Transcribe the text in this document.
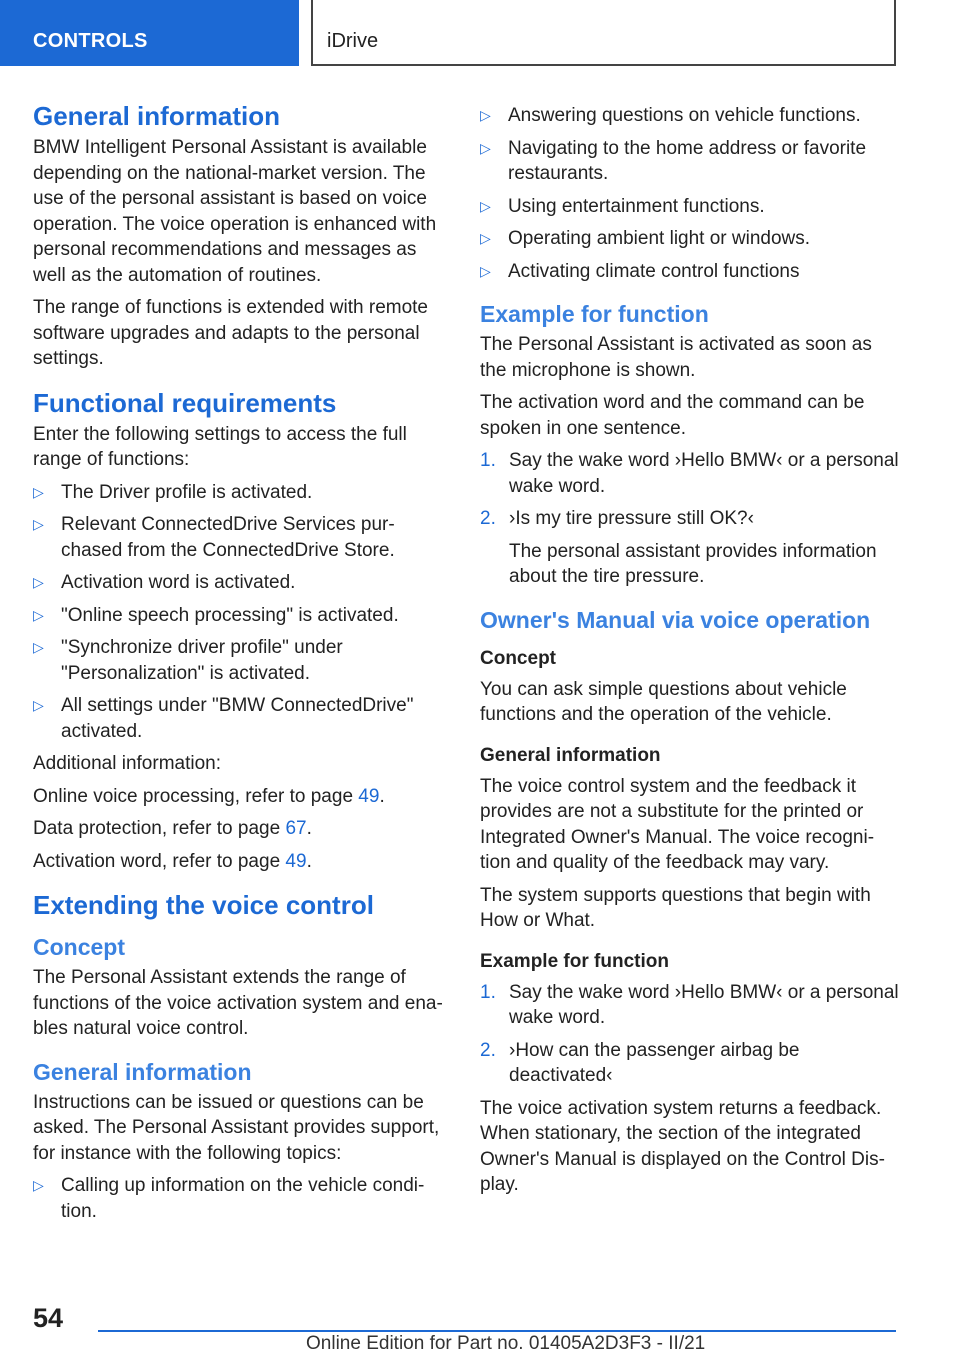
CONTROLS	iDrive
General information

BMW Intelligent Personal Assistant is available depending on the national-market version. The use of the personal assistant is based on voice operation. The voice operation is enhanced with personal recommendations and messages as well as the automation of routines.

The range of functions is extended with remote software upgrades and adapts to the personal settings.

Functional requirements

Enter the following settings to access the full range of functions:

▷ The Driver profile is activated.
▷ Relevant ConnectedDrive Services pur-chased from the ConnectedDrive Store.
▷ Activation word is activated.
▷ "Online speech processing" is activated.
▷ "Synchronize driver profile" under "Personalization" is activated.
▷ All settings under "BMW ConnectedDrive" activated.

Additional information:

Online voice processing, refer to page 49.

Data protection, refer to page 67.

Activation word, refer to page 49.

Extending the voice control
Concept

The Personal Assistant extends the range of functions of the voice activation system and ena-bles natural voice control.

General information

Instructions can be issued or questions can be asked. The Personal Assistant provides support, for instance with the following topics:

▷ Calling up information on the vehicle condi-tion.
▷ Answering questions on vehicle functions.
▷ Navigating to the home address or favorite restaurants.
▷ Using entertainment functions.
▷ Operating ambient light or windows.
▷ Activating climate control functions
Example for function

The Personal Assistant is activated as soon as the microphone is shown.

The activation word and the command can be spoken in one sentence.

1. Say the wake word ›Hello BMW‹ or a personal wake word.
2. ›Is my tire pressure still OK?‹
The personal assistant provides information about the tire pressure.
Owner's Manual via voice operation
Concept

You can ask simple questions about vehicle functions and the operation of the vehicle.

General information

The voice control system and the feedback it provides are not a substitute for the printed or Integrated Owner's Manual. The voice recogni-tion and quality of the feedback may vary.

The system supports questions that begin with How or What.

Example for function
1. Say the wake word ›Hello BMW‹ or a personal wake word.
2. ›How can the passenger airbag be deactivated‹

The voice activation system returns a feedback. When stationary, the section of the integrated Owner's Manual is displayed on the Control Dis-play.

54
Online Edition for Part no. 01405A2D3F3 - II/21
